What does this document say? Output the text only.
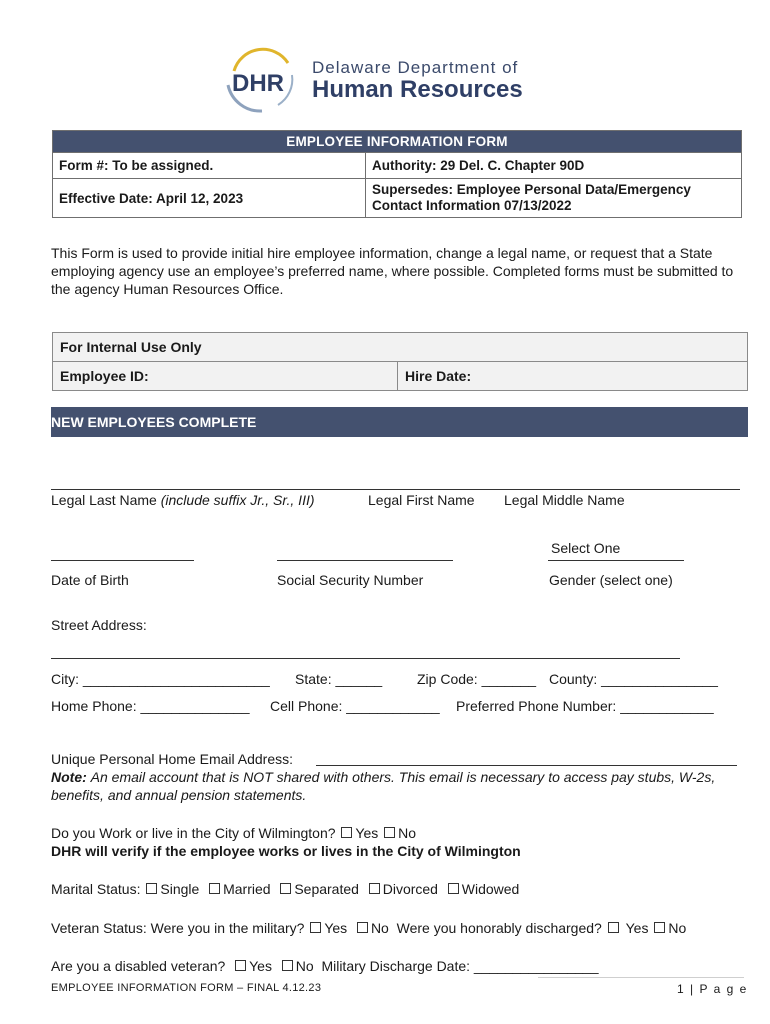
DHR
Delaware Department of
Human Resources
EMPLOYEE INFORMATION FORM	
Form #: To be assigned.	Authority: 29 Del. C. Chapter 90D
Effective Date: April 12, 2023	Supersedes: Employee Personal Data/Emergency Contact Information 07/13/2022
This Form is used to provide initial hire employee information, change a legal name, or request that a State employing agency use an employee’s preferred name, where possible. Completed forms must be submitted to the agency Human Resources Office.
For Internal Use Only
Employee ID:	Hire Date:
NEW EMPLOYEES COMPLETE
Legal Last Name (include suffix Jr., Sr., III)	Legal First Name Legal Middle Name
Select One
Date of Birth	Social Security Number	Gender (select one)
Street Address:
City: ________________________ State: ______ Zip Code: _______ County: _______________
Home Phone: ______________ Cell Phone: ____________ Preferred Phone Number: ____________
Unique Personal Home Email Address:
Note: An email account that is NOT shared with others. This email is necessary to access pay stubs, W-2s, benefits, and annual pension statements.
Do you Work or live in the City of Wilmington? Yes No
DHR will verify if the employee works or lives in the City of Wilmington
Marital Status: Single Married Separated Divorced Widowed
Veteran Status: Were you in the military? Yes No Were you honorably discharged? Yes No
Are you a disabled veteran? Yes No Military Discharge Date: ________________
EMPLOYEE INFORMATION FORM – FINAL 4.12.23	1 | P a g e
